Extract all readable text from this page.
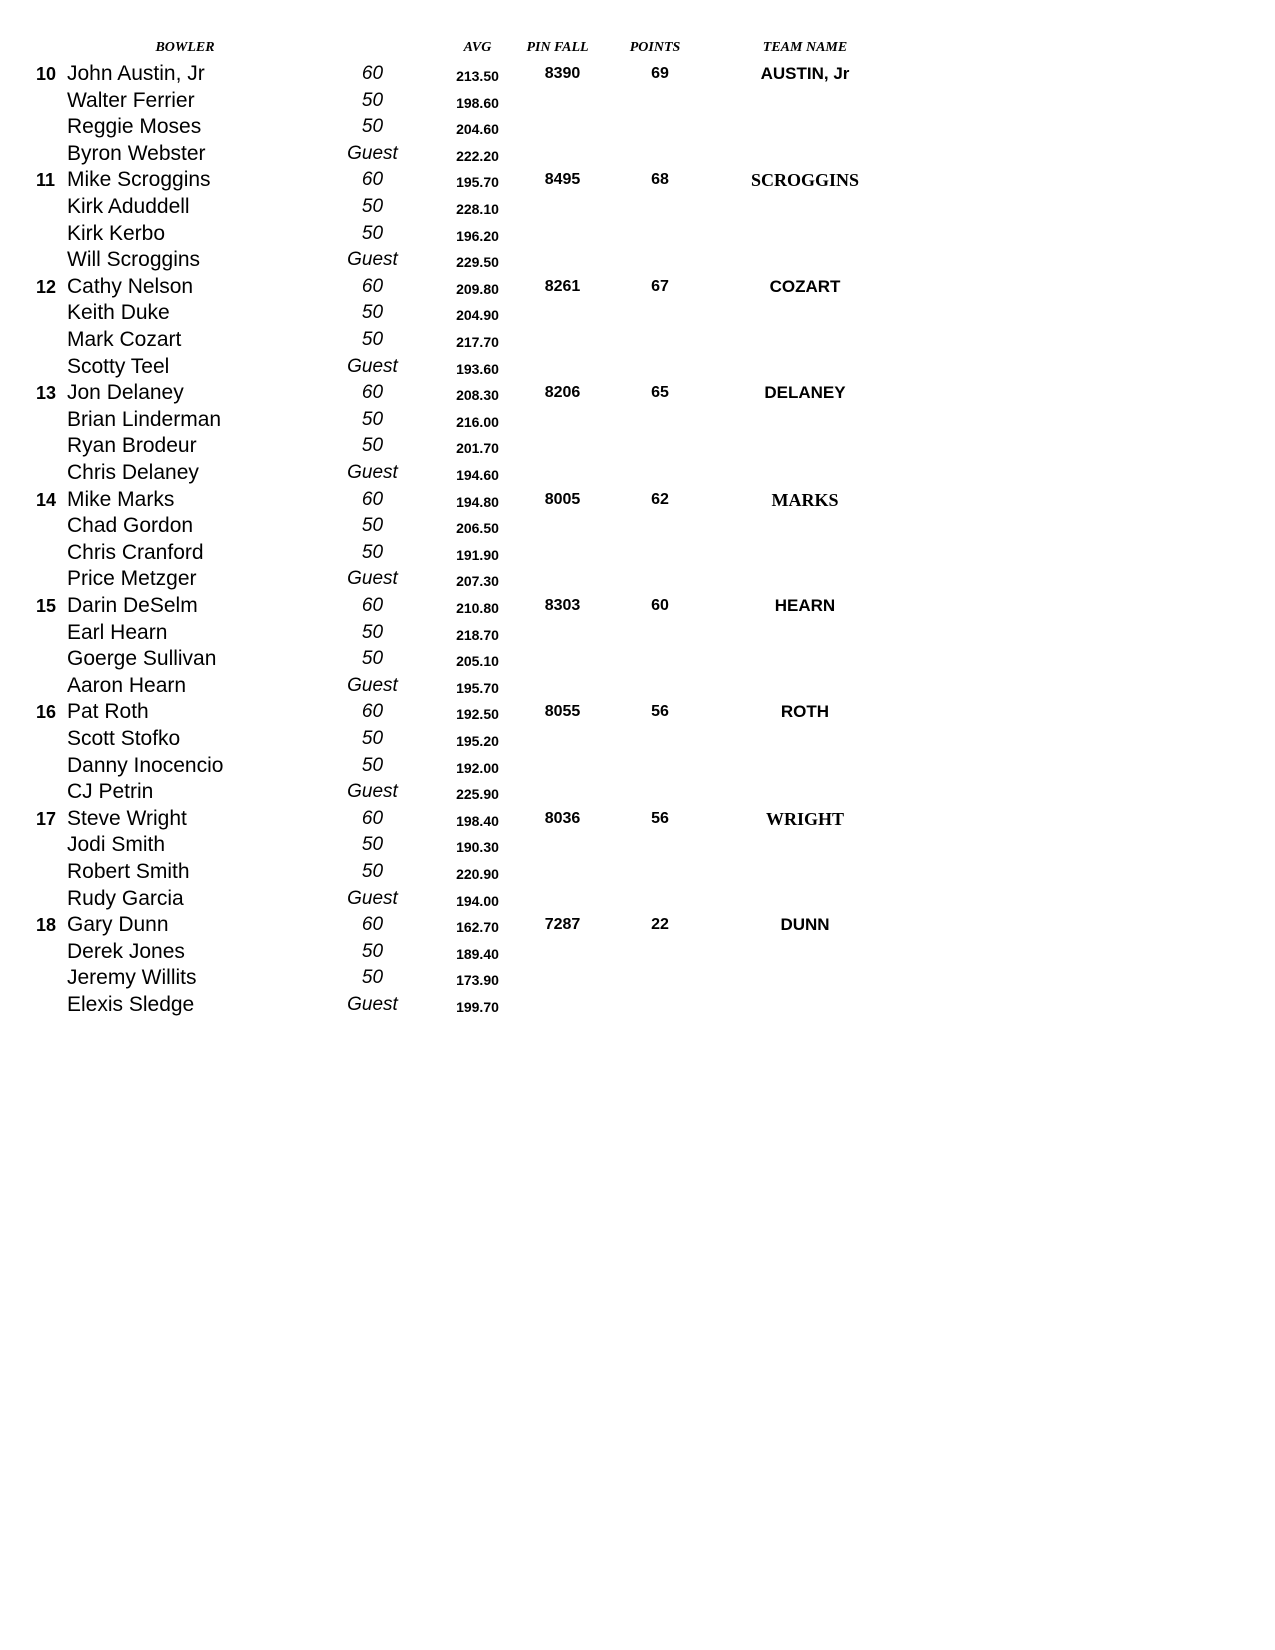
BOWLER	AVG	PIN FALL	POINTS	TEAM NAME
10 John Austin, Jr	60	213.50	8390	69	AUSTIN, Jr
Walter Ferrier	50	198.60
Reggie Moses	50	204.60
Byron Webster	Guest	222.20
11 Mike Scroggins	60	195.70	8495	68	SCROGGINS
Kirk Aduddell	50	228.10
Kirk Kerbo	50	196.20
Will Scroggins	Guest	229.50
12 Cathy Nelson	60	209.80	8261	67	COZART
Keith Duke	50	204.90
Mark Cozart	50	217.70
Scotty Teel	Guest	193.60
13 Jon Delaney	60	208.30	8206	65	DELANEY
Brian Linderman	50	216.00
Ryan Brodeur	50	201.70
Chris Delaney	Guest	194.60
14 Mike Marks	60	194.80	8005	62	MARKS
Chad Gordon	50	206.50
Chris Cranford	50	191.90
Price Metzger	Guest	207.30
15 Darin DeSelm	60	210.80	8303	60	HEARN
Earl Hearn	50	218.70
Goerge Sullivan	50	205.10
Aaron Hearn	Guest	195.70
16 Pat Roth	60	192.50	8055	56	ROTH
Scott Stofko	50	195.20
Danny Inocencio	50	192.00
CJ Petrin	Guest	225.90
17 Steve Wright	60	198.40	8036	56	WRIGHT
Jodi Smith	50	190.30
Robert Smith	50	220.90
Rudy Garcia	Guest	194.00
18 Gary Dunn	60	162.70	7287	22	DUNN
Derek Jones	50	189.40
Jeremy Willits	50	173.90
Elexis Sledge	Guest	199.70
